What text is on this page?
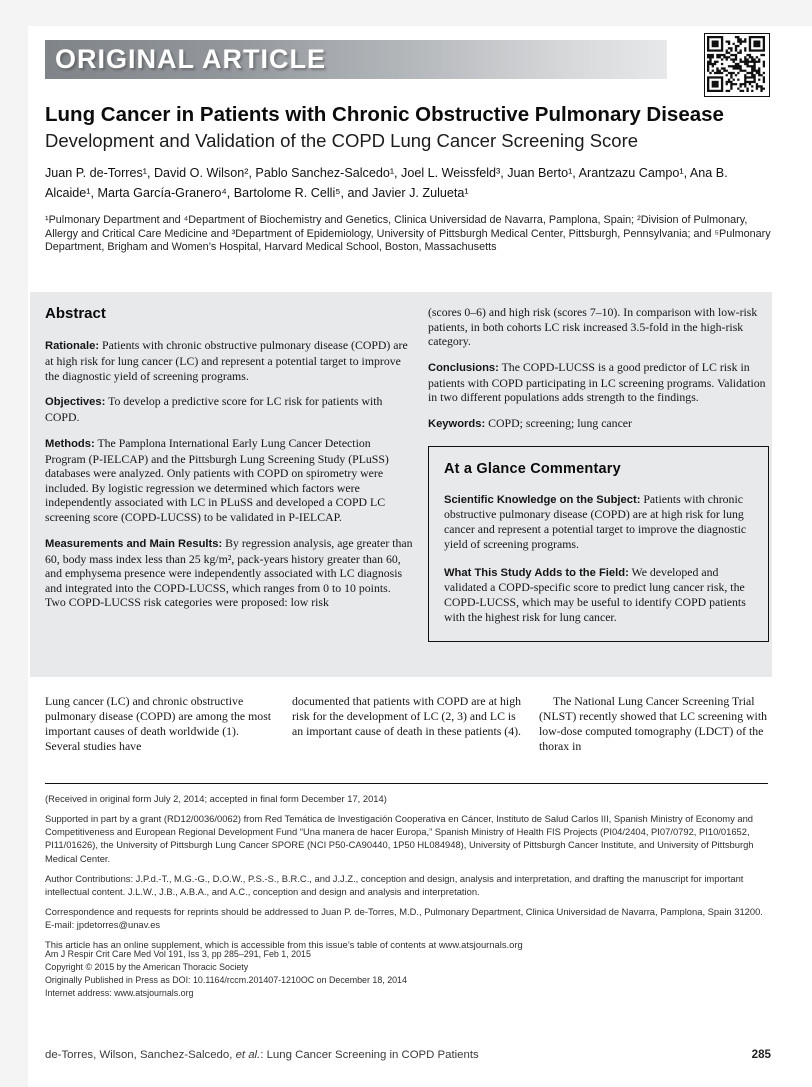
ORIGINAL ARTICLE
Lung Cancer in Patients with Chronic Obstructive Pulmonary Disease
Development and Validation of the COPD Lung Cancer Screening Score
Juan P. de-Torres¹, David O. Wilson², Pablo Sanchez-Salcedo¹, Joel L. Weissfeld³, Juan Berto¹, Arantzazu Campo¹, Ana B. Alcaide¹, Marta García-Granero⁴, Bartolome R. Celli⁵, and Javier J. Zulueta¹
¹Pulmonary Department and ⁴Department of Biochemistry and Genetics, Clinica Universidad de Navarra, Pamplona, Spain; ²Division of Pulmonary, Allergy and Critical Care Medicine and ³Department of Epidemiology, University of Pittsburgh Medical Center, Pittsburgh, Pennsylvania; and ⁵Pulmonary Department, Brigham and Women’s Hospital, Harvard Medical School, Boston, Massachusetts
Abstract

Rationale: Patients with chronic obstructive pulmonary disease (COPD) are at high risk for lung cancer (LC) and represent a potential target to improve the diagnostic yield of screening programs.

Objectives: To develop a predictive score for LC risk for patients with COPD.

Methods: The Pamplona International Early Lung Cancer Detection Program (P-IELCAP) and the Pittsburgh Lung Screening Study (PLuSS) databases were analyzed. Only patients with COPD on spirometry were included. By logistic regression we determined which factors were independently associated with LC in PLuSS and developed a COPD LC screening score (COPD-LUCSS) to be validated in P-IELCAP.

Measurements and Main Results: By regression analysis, age greater than 60, body mass index less than 25 kg/m², pack-years history greater than 60, and emphysema presence were independently associated with LC diagnosis and integrated into the COPD-LUCSS, which ranges from 0 to 10 points. Two COPD-LUCSS risk categories were proposed: low risk

(scores 0–6) and high risk (scores 7–10). In comparison with low-risk patients, in both cohorts LC risk increased 3.5-fold in the high-risk category.

Conclusions: The COPD-LUCSS is a good predictor of LC risk in patients with COPD participating in LC screening programs. Validation in two different populations adds strength to the findings.

Keywords: COPD; screening; lung cancer

At a Glance Commentary

Scientific Knowledge on the Subject: Patients with chronic obstructive pulmonary disease (COPD) are at high risk for lung cancer and represent a potential target to improve the diagnostic yield of screening programs.

What This Study Adds to the Field: We developed and validated a COPD-specific score to predict lung cancer risk, the COPD-LUCSS, which may be useful to identify COPD patients with the highest risk for lung cancer.

Lung cancer (LC) and chronic obstructive pulmonary disease (COPD) are among the most important causes of death worldwide (1). Several studies have
documented that patients with COPD are at high risk for the development of LC (2, 3) and LC is an important cause of death in these patients (4).
The National Lung Cancer Screening Trial (NLST) recently showed that LC screening with low-dose computed tomography (LDCT) of the thorax in

(Received in original form July 2, 2014; accepted in final form December 17, 2014)

Supported in part by a grant (RD12/0036/0062) from Red Temática de Investigación Cooperativa en Cáncer, Instituto de Salud Carlos III, Spanish Ministry of Economy and Competitiveness and European Regional Development Fund “Una manera de hacer Europa,” Spanish Ministry of Health FIS Projects (PI04/2404, PI07/0792, PI10/01652, PI11/01626), the University of Pittsburgh Lung Cancer SPORE (NCI P50-CA90440, 1P50 HL084948), University of Pittsburgh Cancer Institute, and University of Pittsburgh Medical Center.

Author Contributions: J.P.d.-T., M.G.-G., D.O.W., P.S.-S., B.R.C., and J.J.Z., conception and design, analysis and interpretation, and drafting the manuscript for important intellectual content. J.L.W., J.B., A.B.A., and A.C., conception and design and analysis and interpretation.

Correspondence and requests for reprints should be addressed to Juan P. de-Torres, M.D., Pulmonary Department, Clinica Universidad de Navarra, Pamplona, Spain 31200. E-mail: jpdetorres@unav.es

This article has an online supplement, which is accessible from this issue’s table of contents at www.atsjournals.org

Am J Respir Crit Care Med Vol 191, Iss 3, pp 285–291, Feb 1, 2015
Copyright © 2015 by the American Thoracic Society
Originally Published in Press as DOI: 10.1164/rccm.201407-1210OC on December 18, 2014
Internet address: www.atsjournals.org
de-Torres, Wilson, Sanchez-Salcedo, et al.: Lung Cancer Screening in COPD Patients	285
